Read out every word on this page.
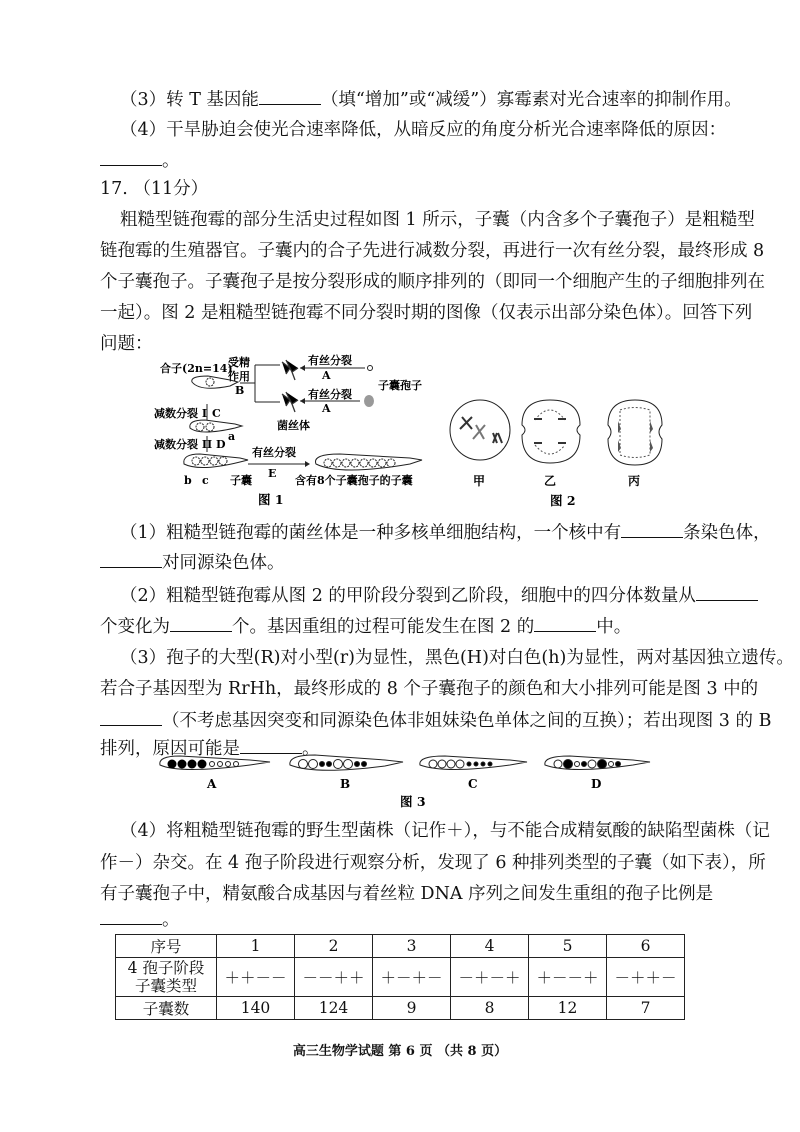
（3）转 T 基因能	（填“增加”或“减缓”）寡霉素对光合速率的抑制作用。
（4）干旱胁迫会使光合速率降低，从暗反应的角度分析光合速率降低的原因：
。
17. （11分）
粗糙型链孢霉的部分生活史过程如图 1 所示，子囊（内含多个子囊孢子）是粗糙型
链孢霉的生殖器官。子囊内的合子先进行减数分裂，再进行一次有丝分裂，最终形成 8
个子囊孢子。子囊孢子是按分裂形成的顺序排列的（即同一个细胞产生的子细胞排列在
一起）。图 2 是粗糙型链孢霉不同分裂时期的图像（仅表示出部分染色体）。回答下列
问题：
合子(2n=14)
受精
作用
B
有丝分裂
A
有丝分裂
A
子囊孢子
菌丝体
减数分裂 I C
a
减数分裂 II D
b c 子囊
有丝分裂
E
含有8个子囊孢子的子囊
图 1
甲	乙	丙
图 2
（1）粗糙型链孢霉的菌丝体是一种多核单细胞结构，一个核中有	条染色体，
对同源染色体。
（2）粗糙型链孢霉从图 2 的甲阶段分裂到乙阶段，细胞中的四分体数量从
个变化为	个。基因重组的过程可能发生在图 2 的	中。
（3）孢子的大型(R)对小型(r)为显性，黑色(H)对白色(h)为显性，两对基因独立遗传。
若合子基因型为 RrHh，最终形成的 8 个子囊孢子的颜色和大小排列可能是图 3 中的
（不考虑基因突变和同源染色体非姐妹染色单体之间的互换）；若出现图 3 的 B
排列，原因可能是	。
A	B	C	D
图 3
（4）将粗糙型链孢霉的野生型菌株（记作＋），与不能合成精氨酸的缺陷型菌株（记
作－）杂交。在 4 孢子阶段进行观察分析，发现了 6 种排列类型的子囊（如下表），所
有子囊孢子中，精氨酸合成基因与着丝粒 DNA 序列之间发生重组的孢子比例是
。
序号	1	2	3	4	5	6
4 孢子阶段
子囊类型	＋＋－－	－－＋＋	＋－＋－	－＋－＋	＋－－＋	－＋＋－
子囊数	140	124	9	8	12	7
高三生物学试题 第 6 页 （共 8 页）
